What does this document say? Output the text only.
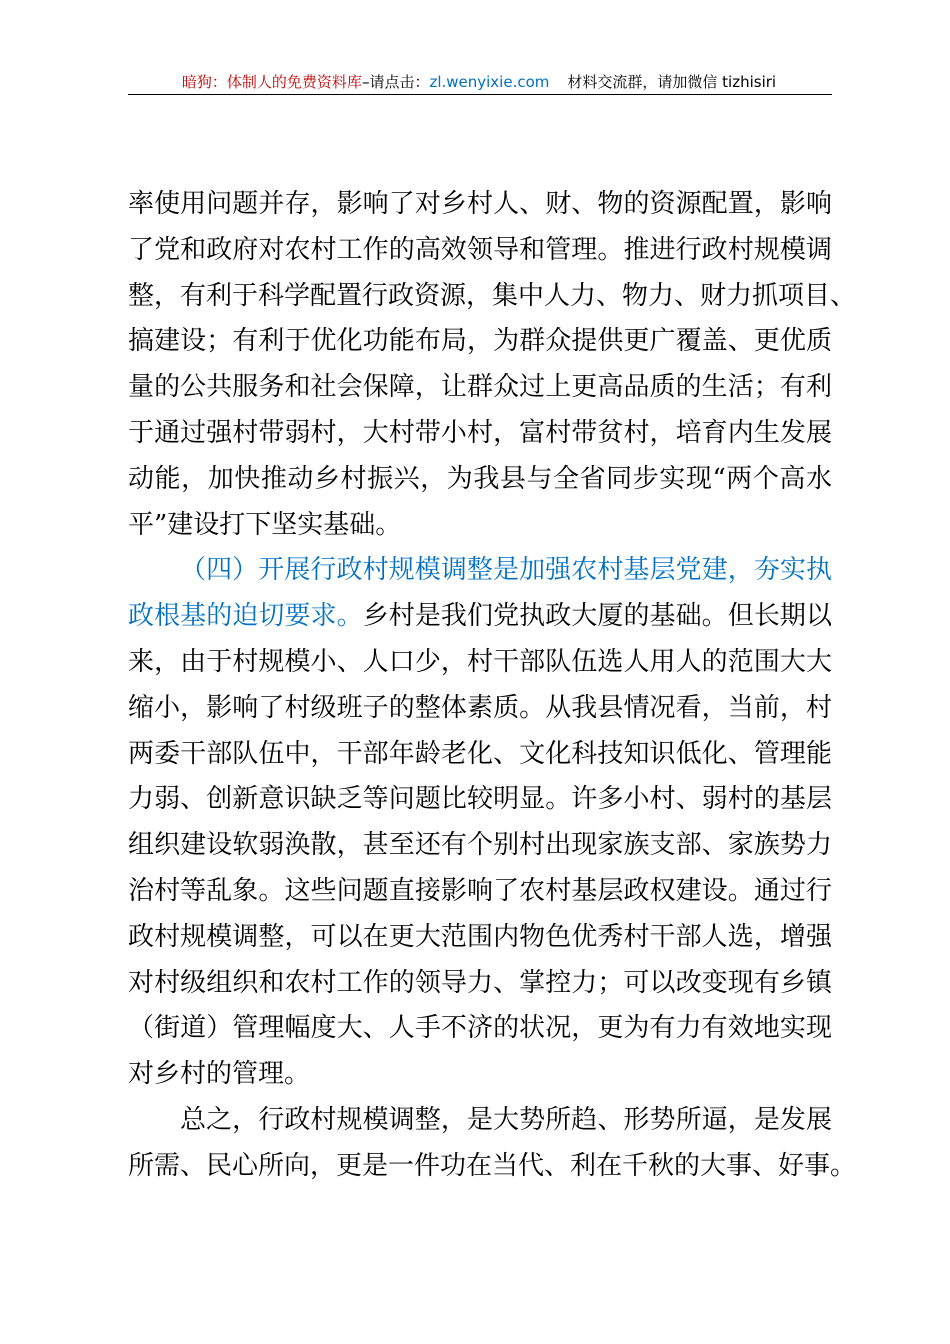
暗狗：体制人的免费资料库–请点击：zl.wenyixie.com 材料交流群，请加微信 tizhisiri
率使用问题并存，影响了对乡村人、财、物的资源配置，影响
了党和政府对农村工作的高效领导和管理。推进行政村规模调
整，有利于科学配置行政资源，集中人力、物力、财力抓项目、
搞建设；有利于优化功能布局，为群众提供更广覆盖、更优质
量的公共服务和社会保障，让群众过上更高品质的生活；有利
于通过强村带弱村，大村带小村，富村带贫村，培育内生发展
动能，加快推动乡村振兴，为我县与全省同步实现“两个高水
平”建设打下坚实基础。
（四）开展行政村规模调整是加强农村基层党建，夯实执
政根基的迫切要求。乡村是我们党执政大厦的基础。但长期以
来，由于村规模小、人口少，村干部队伍选人用人的范围大大
缩小，影响了村级班子的整体素质。从我县情况看，当前，村
两委干部队伍中，干部年龄老化、文化科技知识低化、管理能
力弱、创新意识缺乏等问题比较明显。许多小村、弱村的基层
组织建设软弱涣散，甚至还有个别村出现家族支部、家族势力
治村等乱象。这些问题直接影响了农村基层政权建设。通过行
政村规模调整，可以在更大范围内物色优秀村干部人选，增强
对村级组织和农村工作的领导力、掌控力；可以改变现有乡镇
（街道）管理幅度大、人手不济的状况，更为有力有效地实现
对乡村的管理。
总之，行政村规模调整，是大势所趋、形势所逼，是发展
所需、民心所向，更是一件功在当代、利在千秋的大事、好事。
